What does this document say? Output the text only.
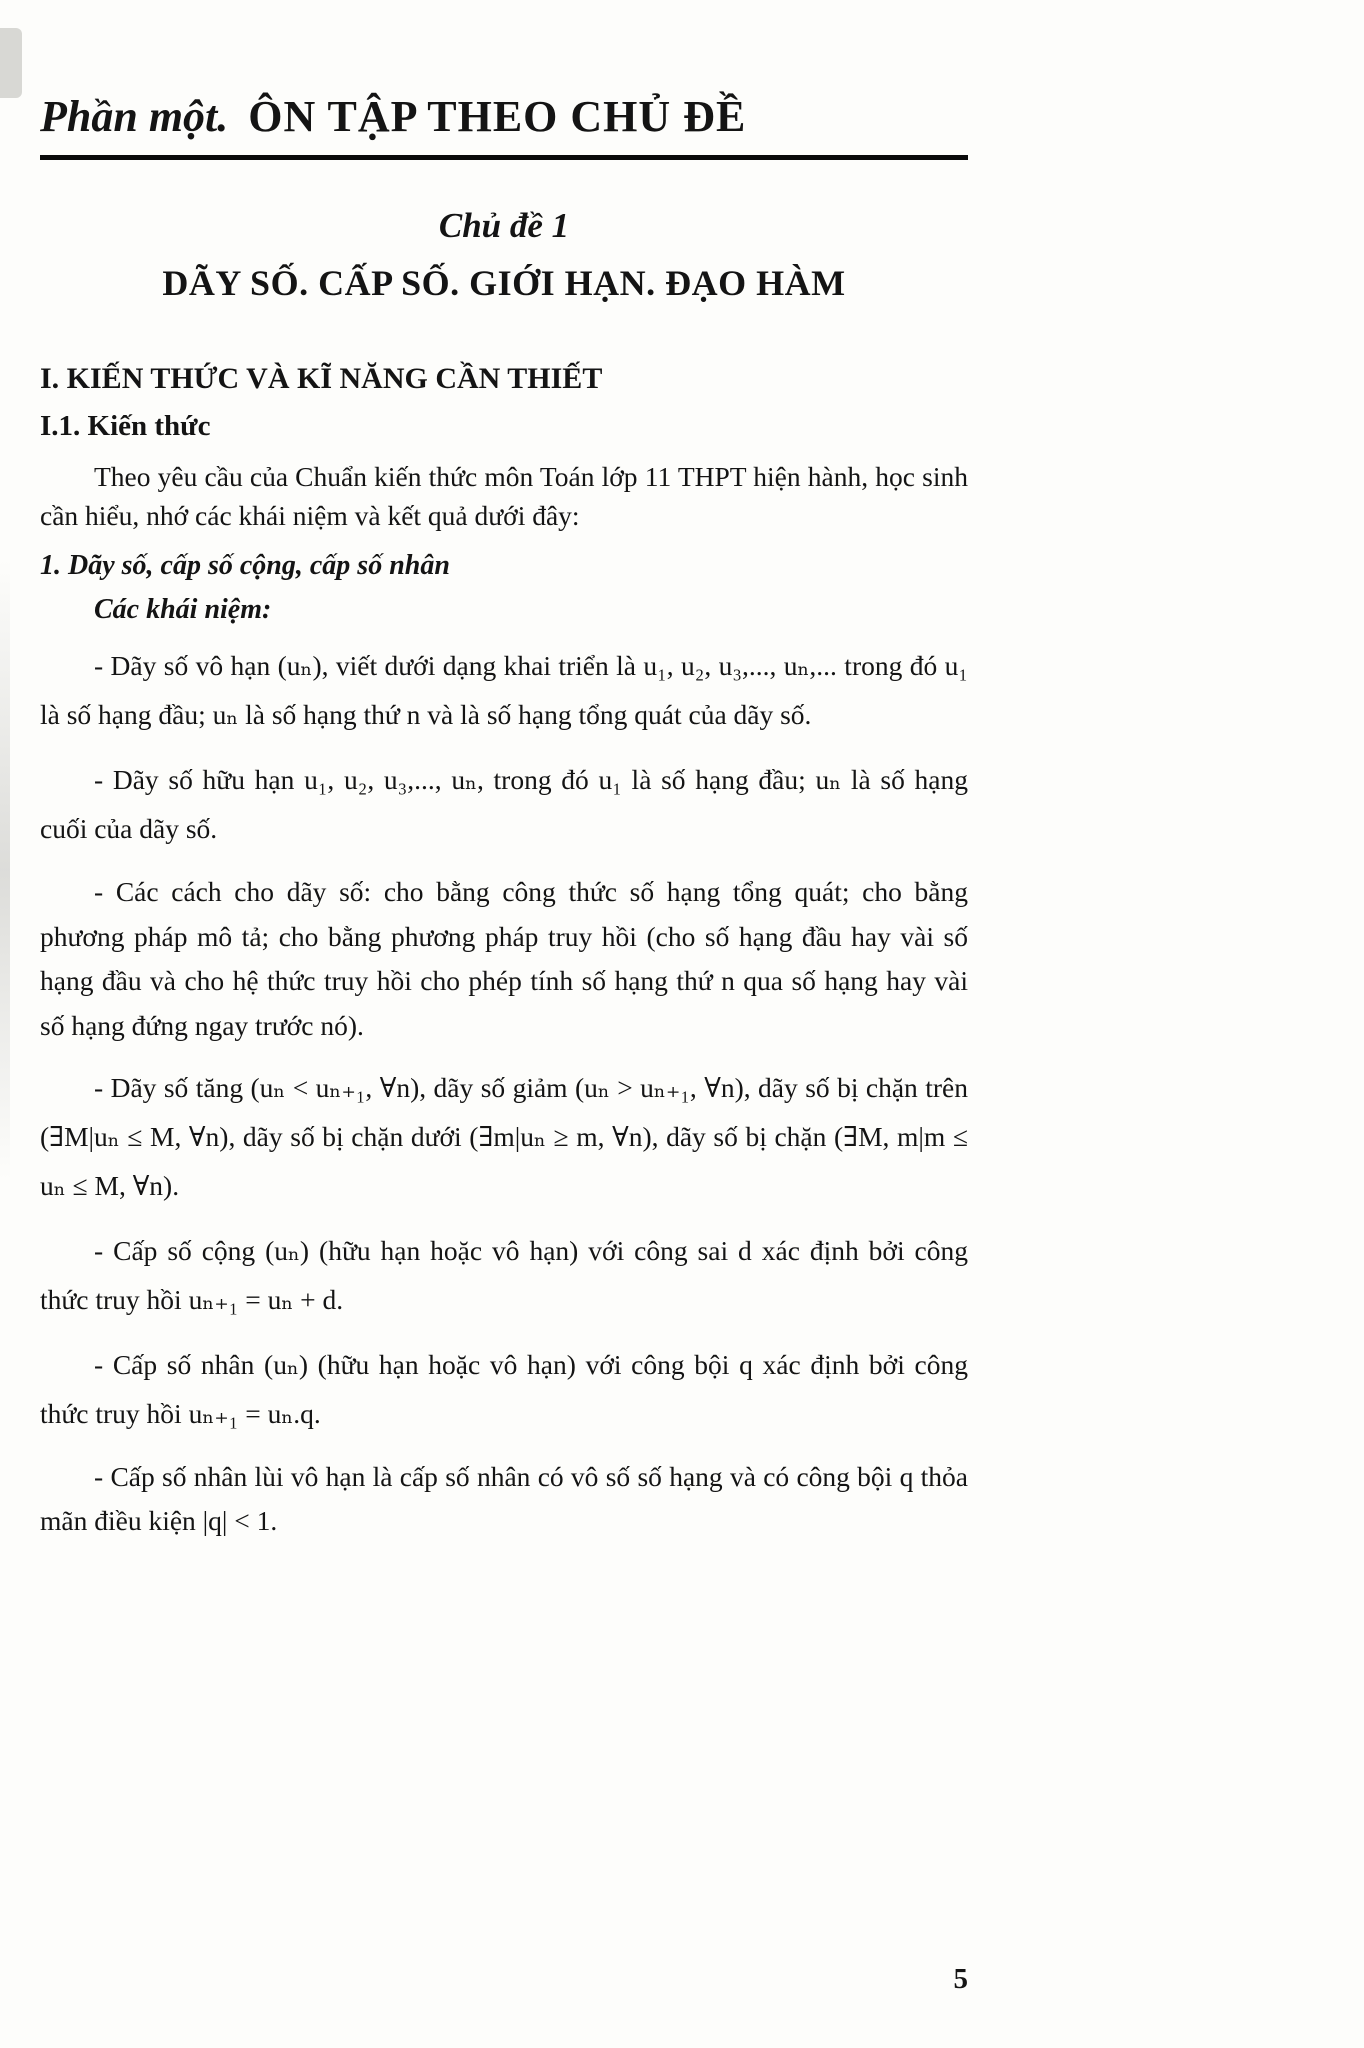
Phần một. ÔN TẬP THEO CHỦ ĐỀ
Chủ đề 1
DÃY SỐ. CẤP SỐ. GIỚI HẠN. ĐẠO HÀM
I. KIẾN THỨC VÀ KĨ NĂNG CẦN THIẾT
I.1. Kiến thức

Theo yêu cầu của Chuẩn kiến thức môn Toán lớp 11 THPT hiện hành, học sinh cần hiểu, nhớ các khái niệm và kết quả dưới đây:

1. Dãy số, cấp số cộng, cấp số nhân

Các khái niệm:

- Dãy số vô hạn (uₙ), viết dưới dạng khai triển là u₁, u₂, u₃,..., uₙ,... trong đó u₁ là số hạng đầu; uₙ là số hạng thứ n và là số hạng tổng quát của dãy số.

- Dãy số hữu hạn u₁, u₂, u₃,..., uₙ, trong đó u₁ là số hạng đầu; uₙ là số hạng cuối của dãy số.

- Các cách cho dãy số: cho bằng công thức số hạng tổng quát; cho bằng phương pháp mô tả; cho bằng phương pháp truy hồi (cho số hạng đầu hay vài số hạng đầu và cho hệ thức truy hồi cho phép tính số hạng thứ n qua số hạng hay vài số hạng đứng ngay trước nó).

- Dãy số tăng (uₙ < uₙ₊₁, ∀n), dãy số giảm (uₙ > uₙ₊₁, ∀n), dãy số bị chặn trên (∃M|uₙ ≤ M, ∀n), dãy số bị chặn dưới (∃m|uₙ ≥ m, ∀n), dãy số bị chặn (∃M, m|m ≤ uₙ ≤ M, ∀n).

- Cấp số cộng (uₙ) (hữu hạn hoặc vô hạn) với công sai d xác định bởi công thức truy hồi uₙ₊₁ = uₙ + d.

- Cấp số nhân (uₙ) (hữu hạn hoặc vô hạn) với công bội q xác định bởi công thức truy hồi uₙ₊₁ = uₙ.q.

- Cấp số nhân lùi vô hạn là cấp số nhân có vô số số hạng và có công bội q thỏa mãn điều kiện |q| < 1.

5
